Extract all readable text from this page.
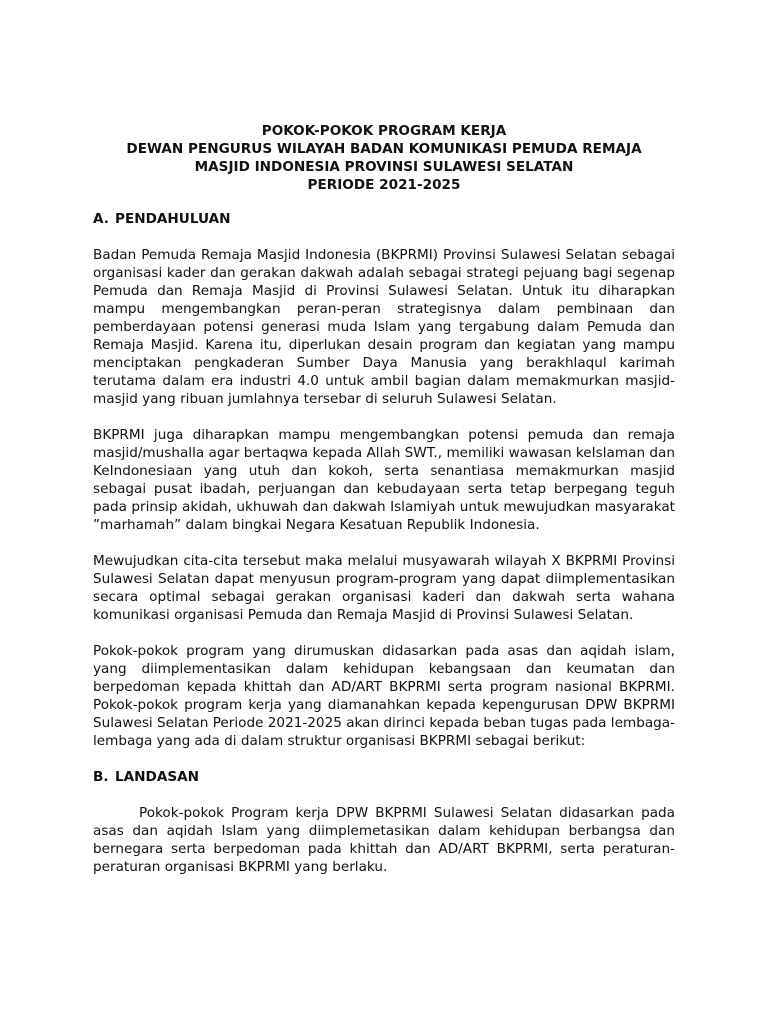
POKOK-POKOK PROGRAM KERJA
DEWAN PENGURUS WILAYAH BADAN KOMUNIKASI PEMUDA REMAJA
MASJID INDONESIA PROVINSI SULAWESI SELATAN
PERIODE 2021-2025
A. PENDAHULUAN

Badan Pemuda Remaja Masjid Indonesia (BKPRMI) Provinsi Sulawesi Selatan sebagai organisasi kader dan gerakan dakwah adalah sebagai strategi pejuang bagi segenap Pemuda dan Remaja Masjid di Provinsi Sulawesi Selatan. Untuk itu diharapkan mampu mengembangkan peran-peran strategisnya dalam pembinaan dan pemberdayaan potensi generasi muda Islam yang tergabung dalam Pemuda dan Remaja Masjid. Karena itu, diperlukan desain program dan kegiatan yang mampu menciptakan pengkaderan Sumber Daya Manusia yang berakhlaqul karimah terutama dalam era industri 4.0 untuk ambil bagian dalam memakmurkan masjid-masjid yang ribuan jumlahnya tersebar di seluruh Sulawesi Selatan.

BKPRMI juga diharapkan mampu mengembangkan potensi pemuda dan remaja masjid/mushalla agar bertaqwa kepada Allah SWT., memiliki wawasan keIslaman dan KeIndonesiaan yang utuh dan kokoh, serta senantiasa memakmurkan masjid sebagai pusat ibadah, perjuangan dan kebudayaan serta tetap berpegang teguh pada prinsip akidah, ukhuwah dan dakwah Islamiyah untuk mewujudkan masyarakat ”marhamah” dalam bingkai Negara Kesatuan Republik Indonesia.

Mewujudkan cita-cita tersebut maka melalui musyawarah wilayah X BKPRMI Provinsi Sulawesi Selatan dapat menyusun program-program yang dapat diimplementasikan secara optimal sebagai gerakan organisasi kaderi dan dakwah serta wahana komunikasi organisasi Pemuda dan Remaja Masjid di Provinsi Sulawesi Selatan.

Pokok-pokok program yang dirumuskan didasarkan pada asas dan aqidah islam, yang diimplementasikan dalam kehidupan kebangsaan dan keumatan dan berpedoman kepada khittah dan AD/ART BKPRMI serta program nasional BKPRMI. Pokok-pokok program kerja yang diamanahkan kepada kepengurusan DPW BKPRMI Sulawesi Selatan Periode 2021-2025 akan dirinci kepada beban tugas pada lembaga-lembaga yang ada di dalam struktur organisasi BKPRMI sebagai berikut:

B. LANDASAN

Pokok-pokok Program kerja DPW BKPRMI Sulawesi Selatan didasarkan pada asas dan aqidah Islam yang diimplemetasikan dalam kehidupan berbangsa dan bernegara serta berpedoman pada khittah dan AD/ART BKPRMI, serta peraturan-peraturan organisasi BKPRMI yang berlaku.
